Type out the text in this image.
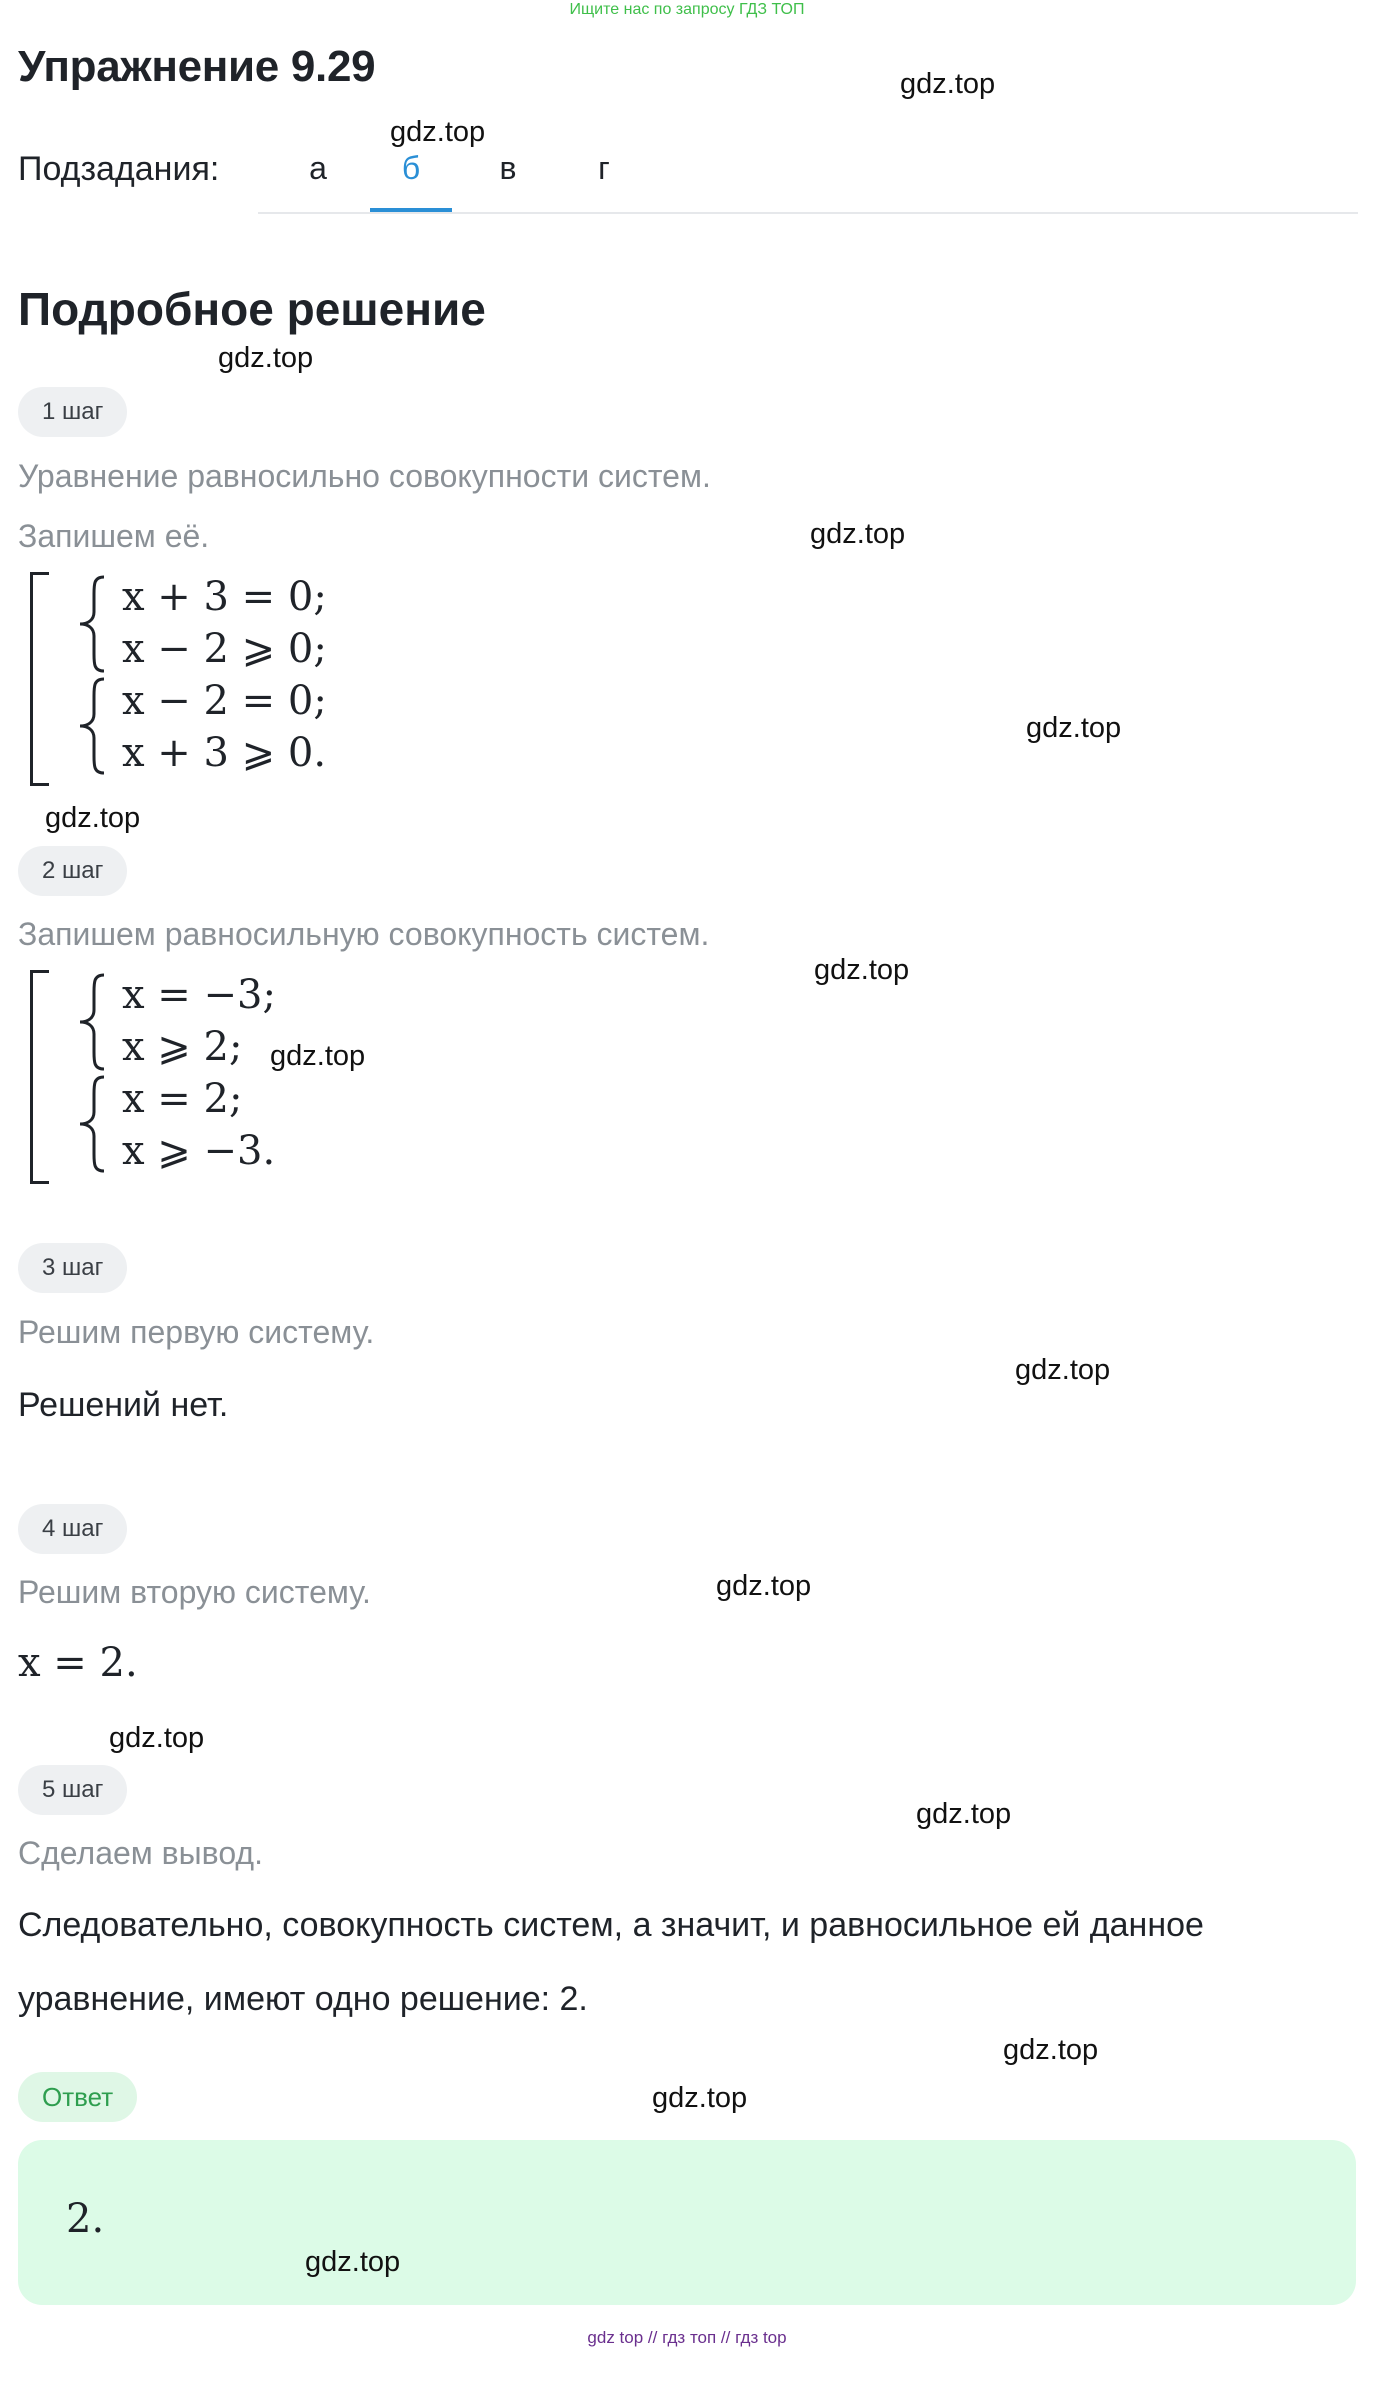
Ищите нас по запросу ГДЗ ТОП
Упражнение 9.29
Подзадания:	а	б	в	г
Подробное решение
1 шаг
Уравнение равносильно совокупности систем.
Запишем её.
x + 3 = 0;
x − 2 ⩾ 0;
x − 2 = 0;
x + 3 ⩾ 0.
2 шаг
Запишем равносильную совокупность систем.
x = −3;
x ⩾ 2;
x = 2;
x ⩾ −3.
3 шаг
Решим первую систему.
Решений нет.
4 шаг
Решим вторую систему.
x = 2.
5 шаг
Сделаем вывод.
Следовательно, совокупность систем, а значит, и равносильное ей данное
уравнение, имеют одно решение: 2.
Ответ
2.
gdz.top
gdz.top
gdz.top
gdz.top
gdz.top
gdz.top
gdz.top
gdz.top
gdz.top
gdz.top
gdz.top
gdz.top
gdz.top
gdz.top
gdz.top
gdz top // гдз топ // гдз top
